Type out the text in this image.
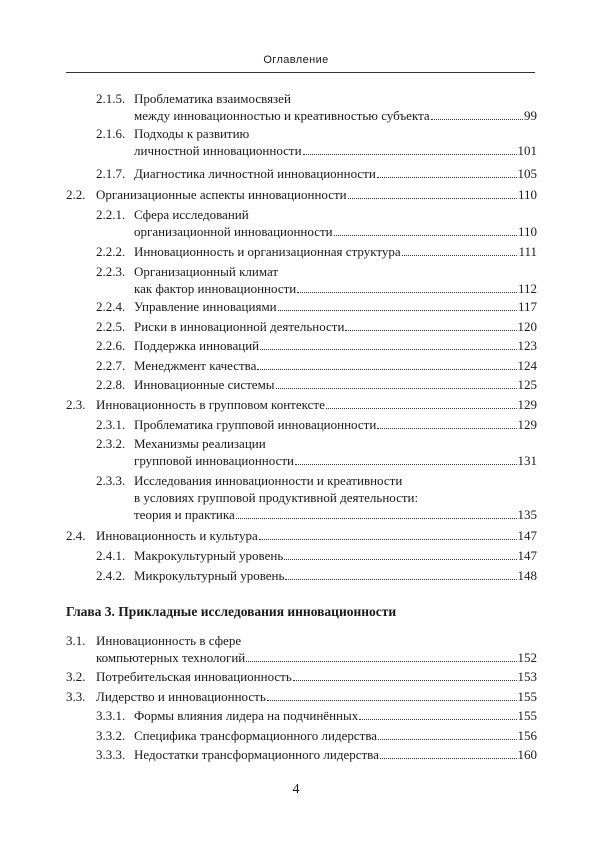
Оглавление
2.1.5. Проблематика взаимосвязей
между инновационностью и креативностью субъекта	99
2.1.6. Подходы к развитию
личностной инновационности	101
2.1.7. Диагностика личностной инновационности	105
2.2. Организационные аспекты инновационности	110
2.2.1. Сфера исследований
организационной инновационности	110
2.2.2. Инновационность и организационная структура	111
2.2.3. Организационный климат
как фактор инновационности	112
2.2.4. Управление инновациями	117
2.2.5. Риски в инновационной деятельности	120
2.2.6. Поддержка инноваций	123
2.2.7. Менеджмент качества	124
2.2.8. Инновационные системы	125
2.3. Инновационность в групповом контексте	129
2.3.1. Проблематика групповой инновационности	129
2.3.2. Механизмы реализации
групповой инновационности	131
2.3.3. Исследования инновационности и креативности
в условиях групповой продуктивной деятельности:
теория и практика	135
2.4. Инновационность и культура	147
2.4.1. Макрокультурный уровень	147
2.4.2. Микрокультурный уровень	148
3.1. Инновационность в сфере
компьютерных технологий	152
3.2. Потребительская инновационность	153
3.3. Лидерство и инновационность	155
3.3.1. Формы влияния лидера на подчинённых	155
3.3.2. Специфика трансформационного лидерства	156
3.3.3. Недостатки трансформационного лидерства	160
Глава 3. Прикладные исследования инновационности
4
